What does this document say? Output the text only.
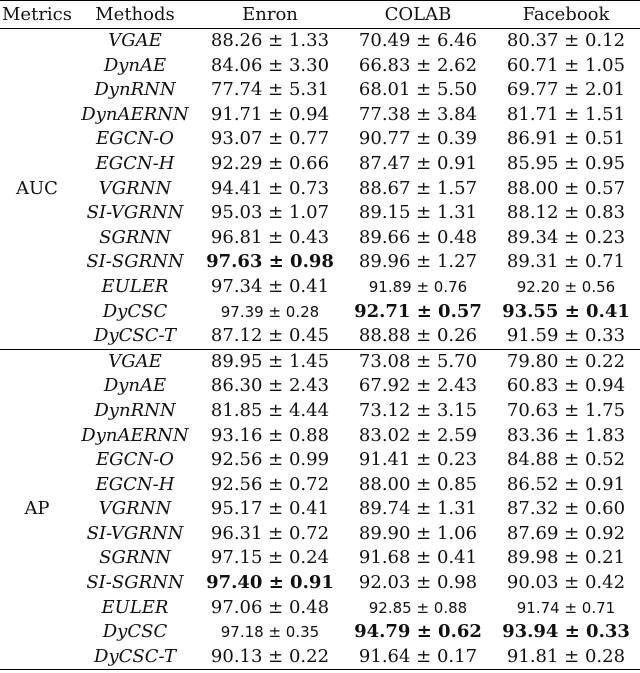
Metrics	Methods	Enron	COLAB	Facebook
AUC	VGAE	88.26 ± 1.33	70.49 ± 6.46	80.37 ± 0.12
	DynAE	84.06 ± 3.30	66.83 ± 2.62	60.71 ± 1.05
	DynRNN	77.74 ± 5.31	68.01 ± 5.50	69.77 ± 2.01
	DynAERNN	91.71 ± 0.94	77.38 ± 3.84	81.71 ± 1.51
	EGCN-O	93.07 ± 0.77	90.77 ± 0.39	86.91 ± 0.51
	EGCN-H	92.29 ± 0.66	87.47 ± 0.91	85.95 ± 0.95
	VGRNN	94.41 ± 0.73	88.67 ± 1.57	88.00 ± 0.57
	SI-VGRNN	95.03 ± 1.07	89.15 ± 1.31	88.12 ± 0.83
	SGRNN	96.81 ± 0.43	89.66 ± 0.48	89.34 ± 0.23
	SI-SGRNN	97.63 ± 0.98	89.96 ± 1.27	89.31 ± 0.71
	EULER	97.34 ± 0.41	91.89 ± 0.76	92.20 ± 0.56
	DyCSC	97.39 ± 0.28	92.71 ± 0.57	93.55 ± 0.41
	DyCSC-T	87.12 ± 0.45	88.88 ± 0.26	91.59 ± 0.33
AP	VGAE	89.95 ± 1.45	73.08 ± 5.70	79.80 ± 0.22
	DynAE	86.30 ± 2.43	67.92 ± 2.43	60.83 ± 0.94
	DynRNN	81.85 ± 4.44	73.12 ± 3.15	70.63 ± 1.75
	DynAERNN	93.16 ± 0.88	83.02 ± 2.59	83.36 ± 1.83
	EGCN-O	92.56 ± 0.99	91.41 ± 0.23	84.88 ± 0.52
	EGCN-H	92.56 ± 0.72	88.00 ± 0.85	86.52 ± 0.91
	VGRNN	95.17 ± 0.41	89.74 ± 1.31	87.32 ± 0.60
	SI-VGRNN	96.31 ± 0.72	89.90 ± 1.06	87.69 ± 0.92
	SGRNN	97.15 ± 0.24	91.68 ± 0.41	89.98 ± 0.21
	SI-SGRNN	97.40 ± 0.91	92.03 ± 0.98	90.03 ± 0.42
	EULER	97.06 ± 0.48	92.85 ± 0.88	91.74 ± 0.71
	DyCSC	97.18 ± 0.35	94.79 ± 0.62	93.94 ± 0.33
	DyCSC-T	90.13 ± 0.22	91.64 ± 0.17	91.81 ± 0.28
